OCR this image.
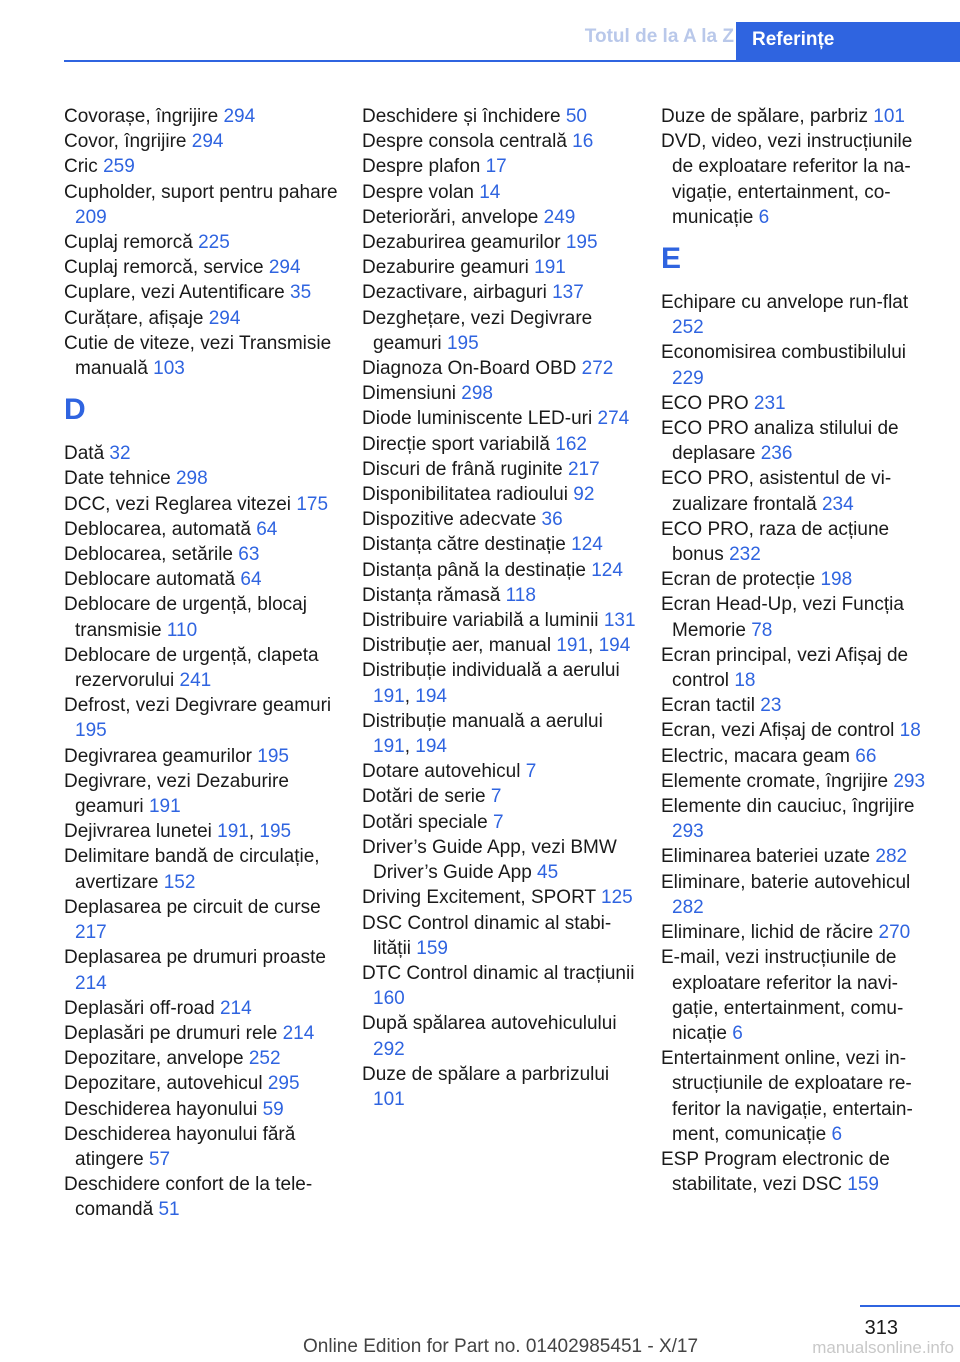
Totul de la A la Z Referințe
Covorașe, îngrijire 294
Covor, îngrijire 294
Cric 259
Cupholder, suport pentru pahare 209
Cuplaj remorcă 225
Cuplaj remorcă, service 294
Cuplare, vezi Autentificare 35
Curățare, afișaje 294
Cutie de viteze, vezi Transmisie manuală 103
D
Dată 32
Date tehnice 298
DCC, vezi Reglarea vitezei 175
Deblocarea, automată 64
Deblocarea, setările 63
Deblocare automată 64
Deblocare de urgență, blocaj transmisie 110
Deblocare de urgență, clapeta rezervorului 241
Defrost, vezi Degivrare geamuri 195
Degivrarea geamurilor 195
Degivrare, vezi Dezaburire geamuri 191
Dejivrarea lunetei 191, 195
Delimitare bandă de circulație, avertizare 152
Deplasarea pe circuit de curse 217
Deplasarea pe drumuri proaste 214
Deplasări off-road 214
Deplasări pe drumuri rele 214
Depozitare, anvelope 252
Depozitare, autovehicul 295
Deschiderea hayonului 59
Deschiderea hayonului fără atingere 57
Deschidere confort de la telecomandă 51
Deschidere și închidere 50
Despre consola centrală 16
Despre plafon 17
Despre volan 14
Deteriorări, anvelope 249
Dezaburirea geamurilor 195
Dezaburire geamuri 191
Dezactivare, airbaguri 137
Dezghețare, vezi Degivrare geamuri 195
Diagnoza On-Board OBD 272
Dimensiuni 298
Diode luminiscente LED-uri 274
Direcție sport variabilă 162
Discuri de frână ruginite 217
Disponibilitatea radioului 92
Dispozitive adecvate 36
Distanța către destinație 124
Distanța până la destinație 124
Distanța rămasă 118
Distribuire variabilă a luminii 131
Distribuție aer, manual 191, 194
Distribuție individuală a aerului 191, 194
Distribuție manuală a aerului 191, 194
Dotare autovehicul 7
Dotări de serie 7
Dotări speciale 7
Driver’s Guide App, vezi BMW Driver’s Guide App 45
Driving Excitement, SPORT 125
DSC Control dinamic al stabilității 159
DTC Control dinamic al tracțiunii 160
După spălarea autovehiculului 292
Duze de spălare a parbrizului 101
Duze de spălare, parbriz 101
DVD, video, vezi instrucțiunile de exploatare referitor la navigație, entertainment, comunicație 6
E
Echipare cu anvelope run-flat 252
Economisirea combustibilului 229
ECO PRO 231
ECO PRO analiza stilului de deplasare 236
ECO PRO, asistentul de vizualizare frontală 234
ECO PRO, raza de acțiune bonus 232
Ecran de protecție 198
Ecran Head-Up, vezi Funcția Memorie 78
Ecran principal, vezi Afișaj de control 18
Ecran tactil 23
Ecran, vezi Afișaj de control 18
Electric, macara geam 66
Elemente cromate, îngrijire 293
Elemente din cauciuc, îngrijire 293
Eliminarea bateriei uzate 282
Eliminare, baterie autovehicul 282
Eliminare, lichid de răcire 270
E-mail, vezi instrucțiunile de exploatare referitor la navigație, entertainment, comunicație 6
Entertainment online, vezi instrucțiunile de exploatare referitor la navigație, entertainment, comunicație 6
ESP Program electronic de stabilitate, vezi DSC 159
313
Online Edition for Part no. 01402985451 - X/17	manualsonline.info
